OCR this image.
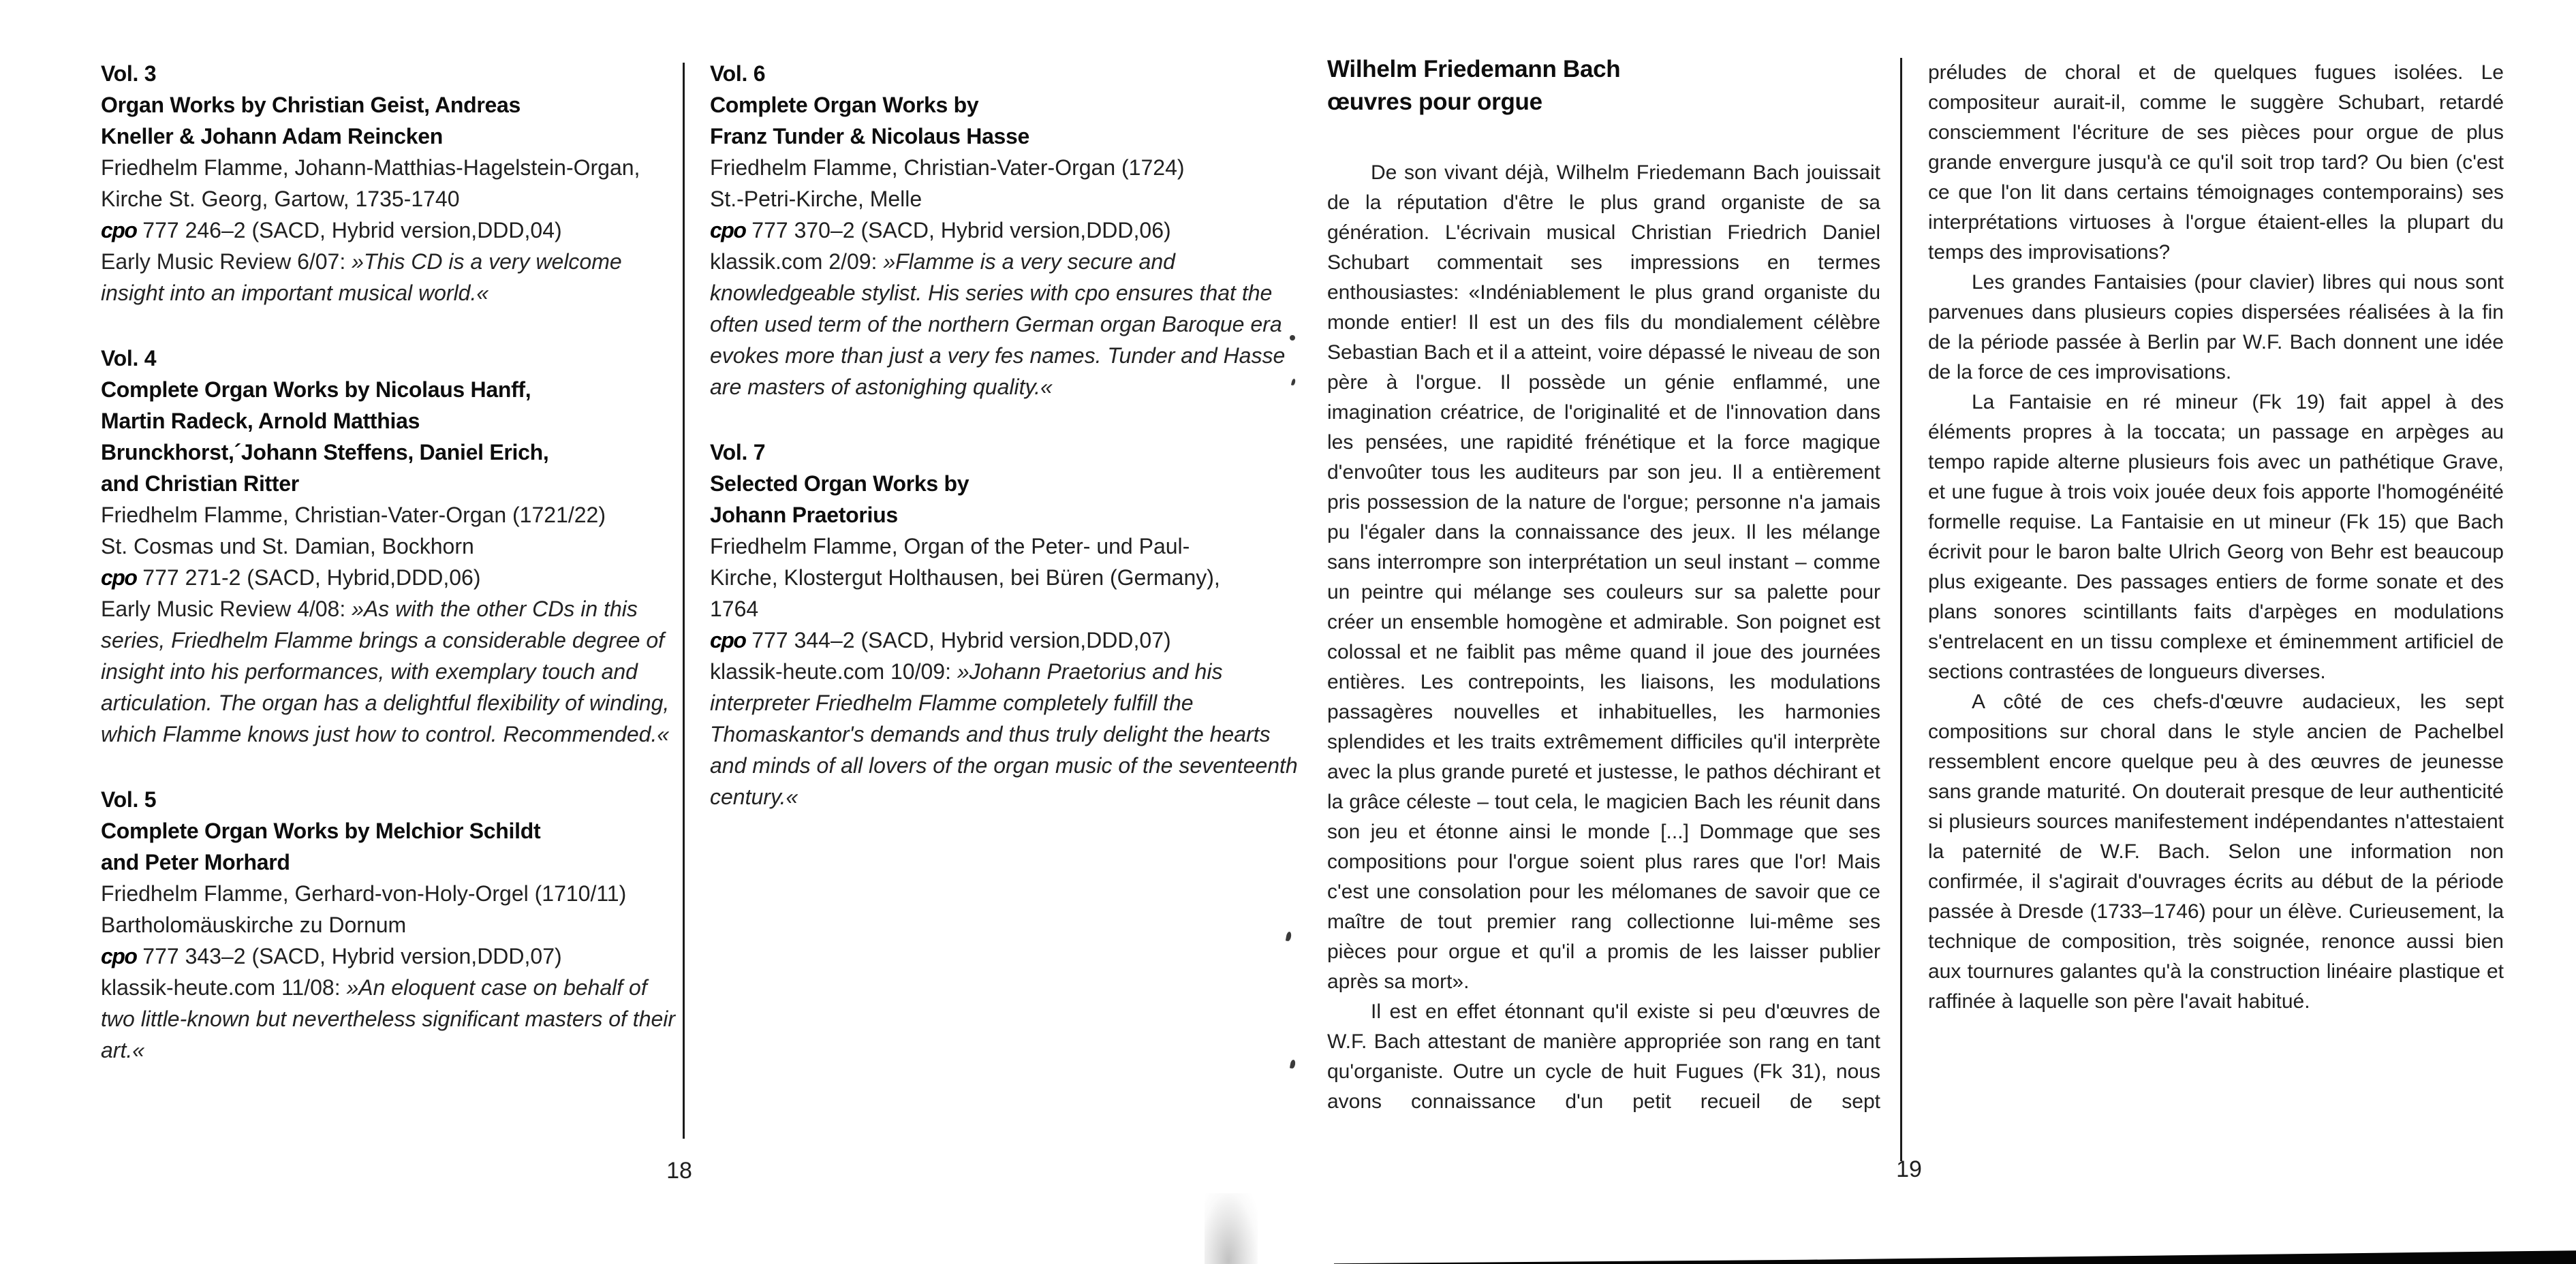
Vol. 3
Organ Works by Christian Geist, Andreas
Kneller & Johann Adam Reincken
Friedhelm Flamme, Johann-Matthias-Hagelstein-Organ,
Kirche St. Georg, Gartow, 1735-1740

cpo 777 246–2 (SACD, Hybrid version,DDD,04)

Early Music Review 6/07: »This CD is a very welcome insight into an important musical world.«

Vol. 4
Complete Organ Works by Nicolaus Hanff,
Martin Radeck, Arnold Matthias
Brunckhorst,´Johann Steffens, Daniel Erich,
and Christian Ritter
Friedhelm Flamme, Christian-Vater-Organ (1721/22)
St. Cosmas und St. Damian, Bockhorn

cpo 777 271-2 (SACD, Hybrid,DDD,06)

Early Music Review 4/08: »As with the other CDs in this series, Friedhelm Flamme brings a considerable degree of insight into his performances, with exemplary touch and articulation. The organ has a delightful flexibility of winding, which Flamme knows just how to control. Recommended.«

Vol. 5
Complete Organ Works by Melchior Schildt
and Peter Morhard
Friedhelm Flamme, Gerhard-von-Holy-Orgel (1710/11)
Bartholomäuskirche zu Dornum

cpo 777 343–2 (SACD, Hybrid version,DDD,07)

klassik-heute.com 11/08: »An eloquent case on behalf of two little-known but nevertheless significant masters of their art.«

Vol. 6
Complete Organ Works by
Franz Tunder & Nicolaus Hasse
Friedhelm Flamme, Christian-Vater-Organ (1724)
St.-Petri-Kirche, Melle

cpo 777 370–2 (SACD, Hybrid version,DDD,06)

klassik.com 2/09: »Flamme is a very secure and knowledgeable stylist. His series with cpo ensures that the often used term of the northern German organ Baroque era evokes more than just a very fes names. Tunder and Hasse are masters of astonighing quality.«

Vol. 7
Selected Organ Works by
Johann Praetorius
Friedhelm Flamme, Organ of the Peter- und Paul-
Kirche, Klostergut Holthausen, bei Büren (Germany),
1764

cpo 777 344–2 (SACD, Hybrid version,DDD,07)

klassik-heute.com 10/09: »Johann Praetorius and his interpreter Friedhelm Flamme completely fulfill the Thomaskantor's demands and thus truly delight the hearts and minds of all lovers of the organ music of the seventeenth century.«

Wilhelm Friedemann Bach
œuvres pour orgue

De son vivant déjà, Wilhelm Friedemann Bach jouissait de la réputation d'être le plus grand organiste de sa génération. L'écrivain musical Christian Friedrich Daniel Schubart commentait ses impressions en termes enthousiastes: «Indéniablement le plus grand organiste du monde entier! Il est un des fils du mondialement célèbre Sebastian Bach et il a atteint, voire dépassé le niveau de son père à l'orgue. Il possède un génie enflammé, une imagination créatrice, de l'originalité et de l'innovation dans les pensées, une rapidité frénétique et la force magique d'envoûter tous les auditeurs par son jeu. Il a entièrement pris possession de la nature de l'orgue; personne n'a jamais pu l'égaler dans la connaissance des jeux. Il les mélange sans interrompre son interprétation un seul instant – comme un peintre qui mélange ses couleurs sur sa palette pour créer un ensemble homogène et admirable. Son poignet est colossal et ne faiblit pas même quand il joue des journées entières. Les contrepoints, les liaisons, les modulations passagères nouvelles et inhabituelles, les harmonies splendides et les traits extrêmement difficiles qu'il interprète avec la plus grande pureté et justesse, le pathos déchirant et la grâce céleste – tout cela, le magicien Bach les réunit dans son jeu et étonne ainsi le monde [...] Dommage que ses compositions pour l'orgue soient plus rares que l'or! Mais c'est une consolation pour les mélomanes de savoir que ce maître de tout premier rang collectionne lui-même ses pièces pour orgue et qu'il a promis de les laisser publier après sa mort».

Il est en effet étonnant qu'il existe si peu d'œuvres de W.F. Bach attestant de manière appropriée son rang en tant qu'organiste. Outre un cycle de huit Fugues (Fk 31), nous avons connaissance d'un petit recueil de sept

préludes de choral et de quelques fugues isolées. Le compositeur aurait-il, comme le suggère Schubart, retardé consciemment l'écriture de ses pièces pour orgue de plus grande envergure jusqu'à ce qu'il soit trop tard? Ou bien (c'est ce que l'on lit dans certains témoignages contemporains) ses interprétations virtuoses à l'orgue étaient-elles la plupart du temps des improvisations?

Les grandes Fantaisies (pour clavier) libres qui nous sont parvenues dans plusieurs copies dispersées réalisées à la fin de la période passée à Berlin par W.F. Bach donnent une idée de la force de ces improvisations.

La Fantaisie en ré mineur (Fk 19) fait appel à des éléments propres à la toccata; un passage en arpèges au tempo rapide alterne plusieurs fois avec un pathétique Grave, et une fugue à trois voix jouée deux fois apporte l'homogénéité formelle requise. La Fantaisie en ut mineur (Fk 15) que Bach écrivit pour le baron balte Ulrich Georg von Behr est beaucoup plus exigeante. Des passages entiers de forme sonate et des plans sonores scintillants faits d'arpèges en modulations s'entrelacent en un tissu complexe et éminemment artificiel de sections contrastées de longueurs diverses.

A côté de ces chefs-d'œuvre audacieux, les sept compositions sur choral dans le style ancien de Pachelbel ressemblent encore quelque peu à des œuvres de jeunesse sans grande maturité. On douterait presque de leur authenticité si plusieurs sources manifestement indépendantes n'attestaient la paternité de W.F. Bach. Selon une information non confirmée, il s'agirait d'ouvrages écrits au début de la période passée à Dresde (1733–1746) pour un élève. Curieusement, la technique de composition, très soignée, renonce aussi bien aux tournures galantes qu'à la construction linéaire plastique et raffinée à laquelle son père l'avait habitué.

18	19
